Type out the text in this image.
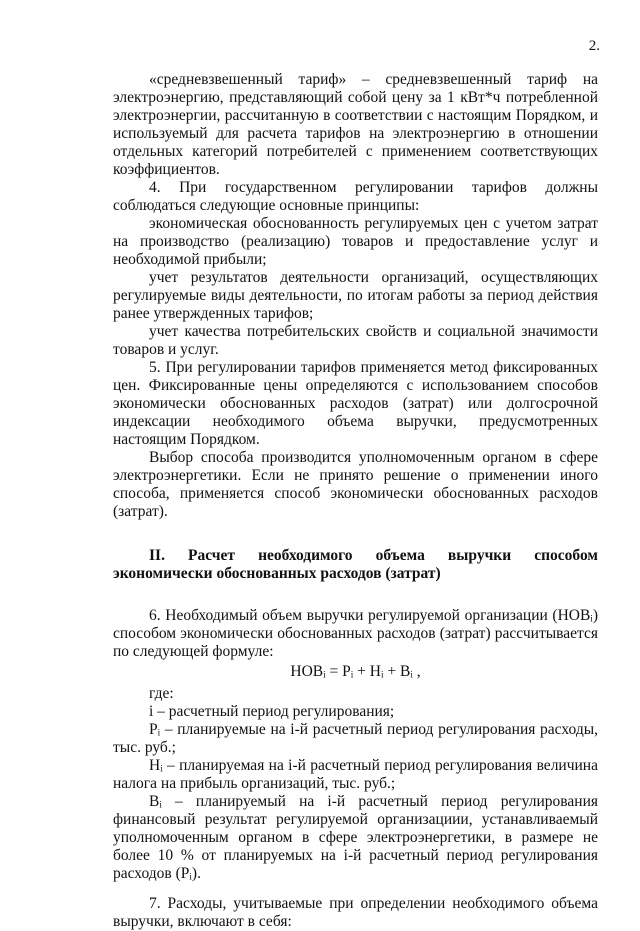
2.

«средневзвешенный тариф» – средневзвешенный тариф на электроэнергию, представляющий собой цену за 1 кВт*ч потребленной электроэнергии, рассчитанную в соответствии с настоящим Порядком, и используемый для расчета тарифов на электроэнергию в отношении отдельных категорий потребителей с применением соответствующих коэффициентов.

4. При государственном регулировании тарифов должны соблюдаться следующие основные принципы:

экономическая обоснованность регулируемых цен с учетом затрат на производство (реализацию) товаров и предоставление услуг и необходимой прибыли;

учет результатов деятельности организаций, осуществляющих регулируемые виды деятельности, по итогам работы за период действия ранее утвержденных тарифов;

учет качества потребительских свойств и социальной значимости товаров и услуг.

5. При регулировании тарифов применяется метод фиксированных цен. Фиксированные цены определяются с использованием способов экономически обоснованных расходов (затрат) или долгосрочной индексации необходимого объема выручки, предусмотренных настоящим Порядком.

Выбор способа производится уполномоченным органом в сфере электроэнергетики. Если не принято решение о применении иного способа, применяется способ экономически обоснованных расходов (затрат).

II. Расчет необходимого объема выручки способом экономически обоснованных расходов (затрат)

6. Необходимый объем выручки регулируемой организации (НОВᵢ) способом экономически обоснованных расходов (затрат) рассчитывается по следующей формуле:

НОВᵢ = Рᵢ + Нᵢ + Вᵢ ,

где:

i – расчетный период регулирования;

Рᵢ – планируемые на i-й расчетный период регулирования расходы, тыс. руб.;

Нᵢ – планируемая на i-й расчетный период регулирования величина налога на прибыль организаций, тыс. руб.;

Вᵢ – планируемый на i-й расчетный период регулирования финансовый результат регулируемой организациии, устанавливаемый уполномоченным органом в сфере электроэнергетики, в размере не более 10 % от планируемых на i-й расчетный период регулирования расходов (Рᵢ).

7. Расходы, учитываемые при определении необходимого объема выручки, включают в себя:
